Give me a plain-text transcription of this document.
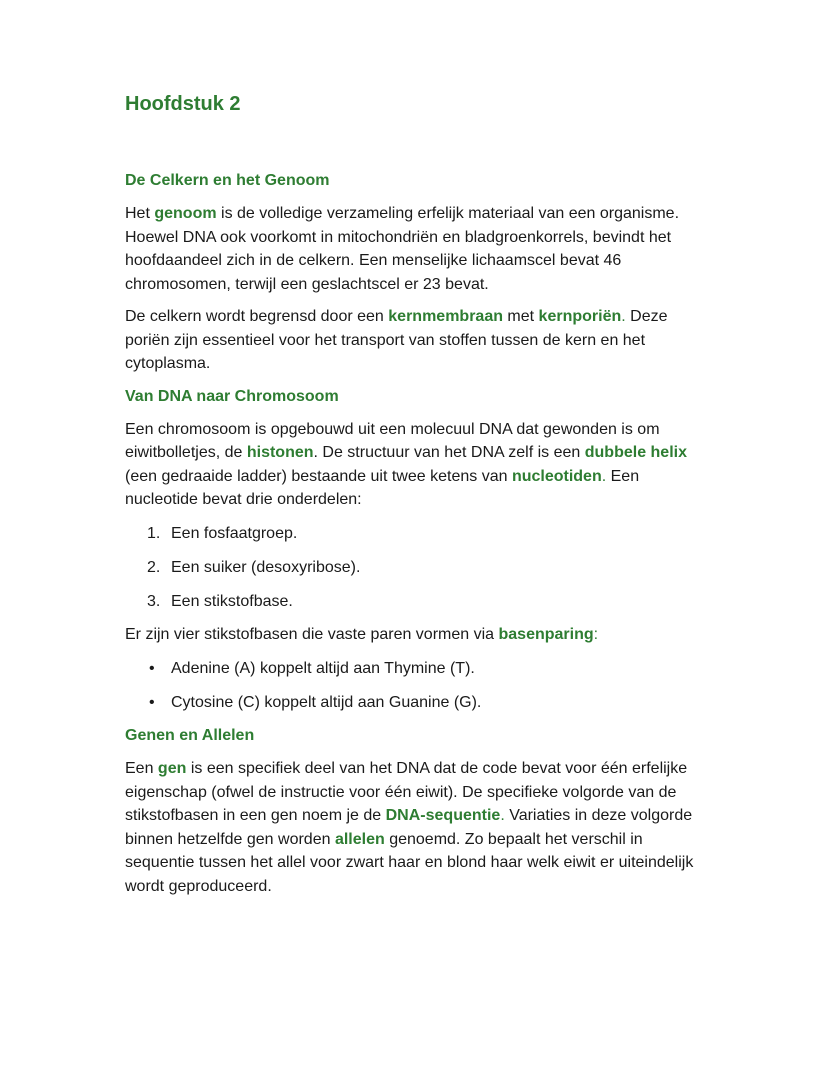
Hoofdstuk 2
De Celkern en het Genoom

Het genoom is de volledige verzameling erfelijk materiaal van een organisme. Hoewel DNA ook voorkomt in mitochondriën en bladgroenkorrels, bevindt het hoofdaandeel zich in de celkern. Een menselijke lichaamscel bevat 46 chromosomen, terwijl een geslachtscel er 23 bevat.

De celkern wordt begrensd door een kernmembraan met kernporiën. Deze poriën zijn essentieel voor het transport van stoffen tussen de kern en het cytoplasma.

Van DNA naar Chromosoom

Een chromosoom is opgebouwd uit een molecuul DNA dat gewonden is om eiwitbolletjes, de histonen. De structuur van het DNA zelf is een dubbele helix (een gedraaide ladder) bestaande uit twee ketens van nucleotiden. Een nucleotide bevat drie onderdelen:

1. Een fosfaatgroep.
2. Een suiker (desoxyribose).
3. Een stikstofbase.

Er zijn vier stikstofbasen die vaste paren vormen via basenparing:

• Adenine (A) koppelt altijd aan Thymine (T).
• Cytosine (C) koppelt altijd aan Guanine (G).
Genen en Allelen

Een gen is een specifiek deel van het DNA dat de code bevat voor één erfelijke eigenschap (ofwel de instructie voor één eiwit). De specifieke volgorde van de stikstofbasen in een gen noem je de DNA-sequentie. Variaties in deze volgorde binnen hetzelfde gen worden allelen genoemd. Zo bepaalt het verschil in sequentie tussen het allel voor zwart haar en blond haar welk eiwit er uiteindelijk wordt geproduceerd.
